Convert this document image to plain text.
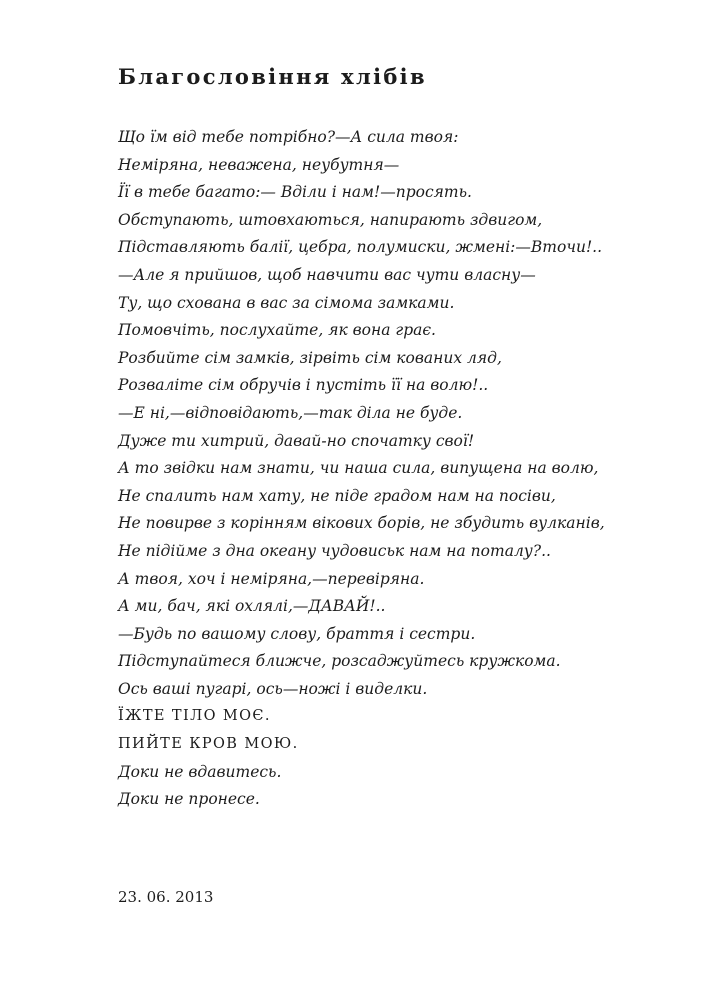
Благословіння хлібів
Що їм від тебе потрібно?—А сила твоя:
Неміряна, неважена, неубутня—
Її в тебе багато:— Вділи і нам!—просять.
Обступають, штовхаються, напирають здвигом,
Підставляють балії, цебра, полумиски, жмені:—Вточи!..
—Але я прийшов, щоб навчити вас чути власну—
Ту, що схована в вас за сімома замками.
Помовчіть, послухайте, як вона грає.
Розбийте сім замків, зірвіть сім кованих ляд,
Розваліте сім обручів і пустіть її на волю!..
—Е ні,—відповідають,—так діла не буде.
Дуже ти хитрий, давай-но спочатку свої!
А то звідки нам знати, чи наша сила, випущена на волю,
Не спалить нам хату, не піде градом нам на посіви,
Не повирве з корінням вікових борів, не збудить вулканів,
Не підійме з дна океану чудовиськ нам на поталу?..
А твоя, хоч і неміряна,—перевіряна.
А ми, бач, які охлялі,—ДАВАЙ!..
—Будь по вашому слову, браття і сестри.
Підступайтеся ближче, розсаджуйтесь кружкома.
Ось ваші пугарі, ось—ножі і виделки.
ЇЖТЕ ТІЛО МОЄ.
ПИЙТЕ КРОВ МОЮ.
Доки не вдавитесь.
Доки не пронесе.

23. 06. 2013
